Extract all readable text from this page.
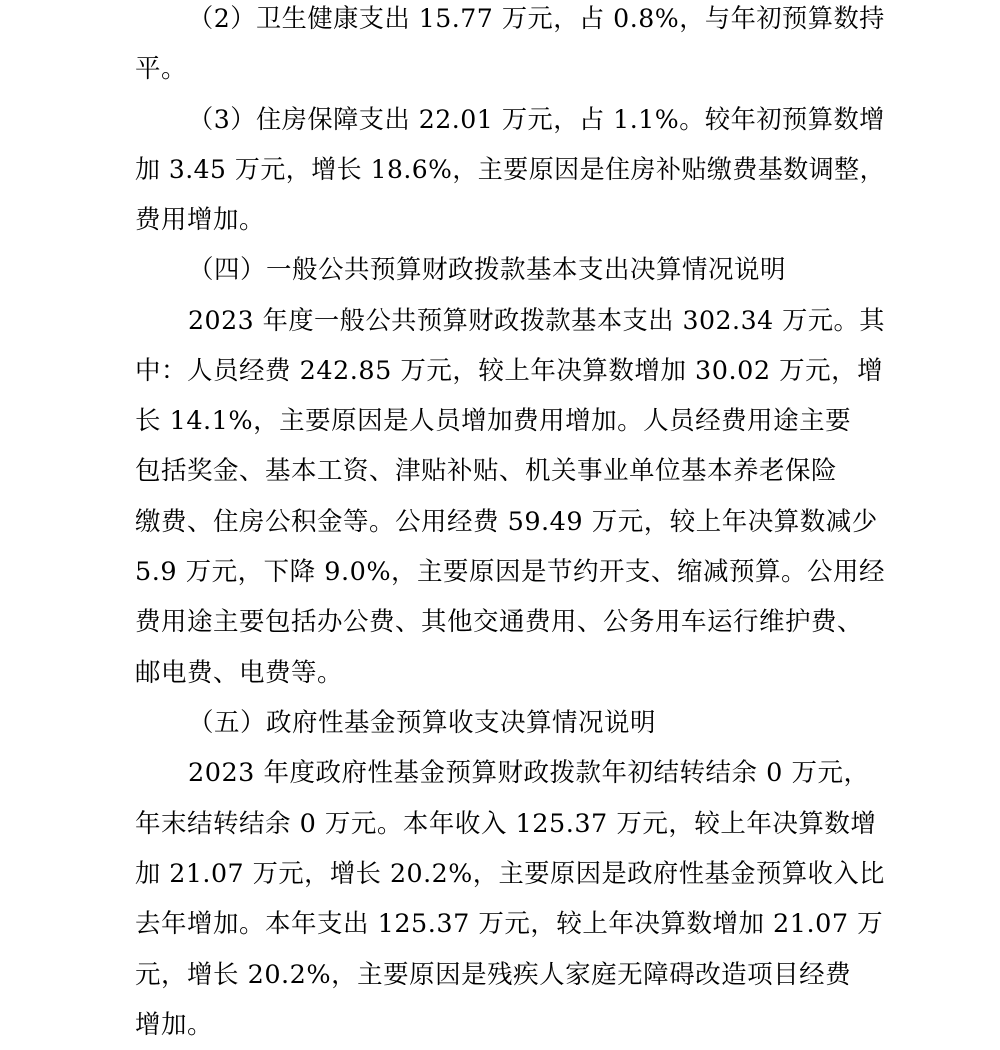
（2）卫生健康支出 15.77 万元，占 0.8%，与年初预算数持
平。
（3）住房保障支出 22.01 万元，占 1.1%。较年初预算数增
加 3.45 万元，增长 18.6%，主要原因是住房补贴缴费基数调整，
费用增加。
（四）一般公共预算财政拨款基本支出决算情况说明
2023 年度一般公共预算财政拨款基本支出 302.34 万元。其
中：人员经费 242.85 万元，较上年决算数增加 30.02 万元，增
长 14.1%，主要原因是人员增加费用增加。人员经费用途主要
包括奖金、基本工资、津贴补贴、机关事业单位基本养老保险
缴费、住房公积金等。公用经费 59.49 万元，较上年决算数减少
5.9 万元，下降 9.0%，主要原因是节约开支、缩减预算。公用经
费用途主要包括办公费、其他交通费用、公务用车运行维护费、
邮电费、电费等。
（五）政府性基金预算收支决算情况说明
2023 年度政府性基金预算财政拨款年初结转结余 0 万元，
年末结转结余 0 万元。本年收入 125.37 万元，较上年决算数增
加 21.07 万元，增长 20.2%，主要原因是政府性基金预算收入比
去年增加。本年支出 125.37 万元，较上年决算数增加 21.07 万
元，增长 20.2%，主要原因是残疾人家庭无障碍改造项目经费
增加。
